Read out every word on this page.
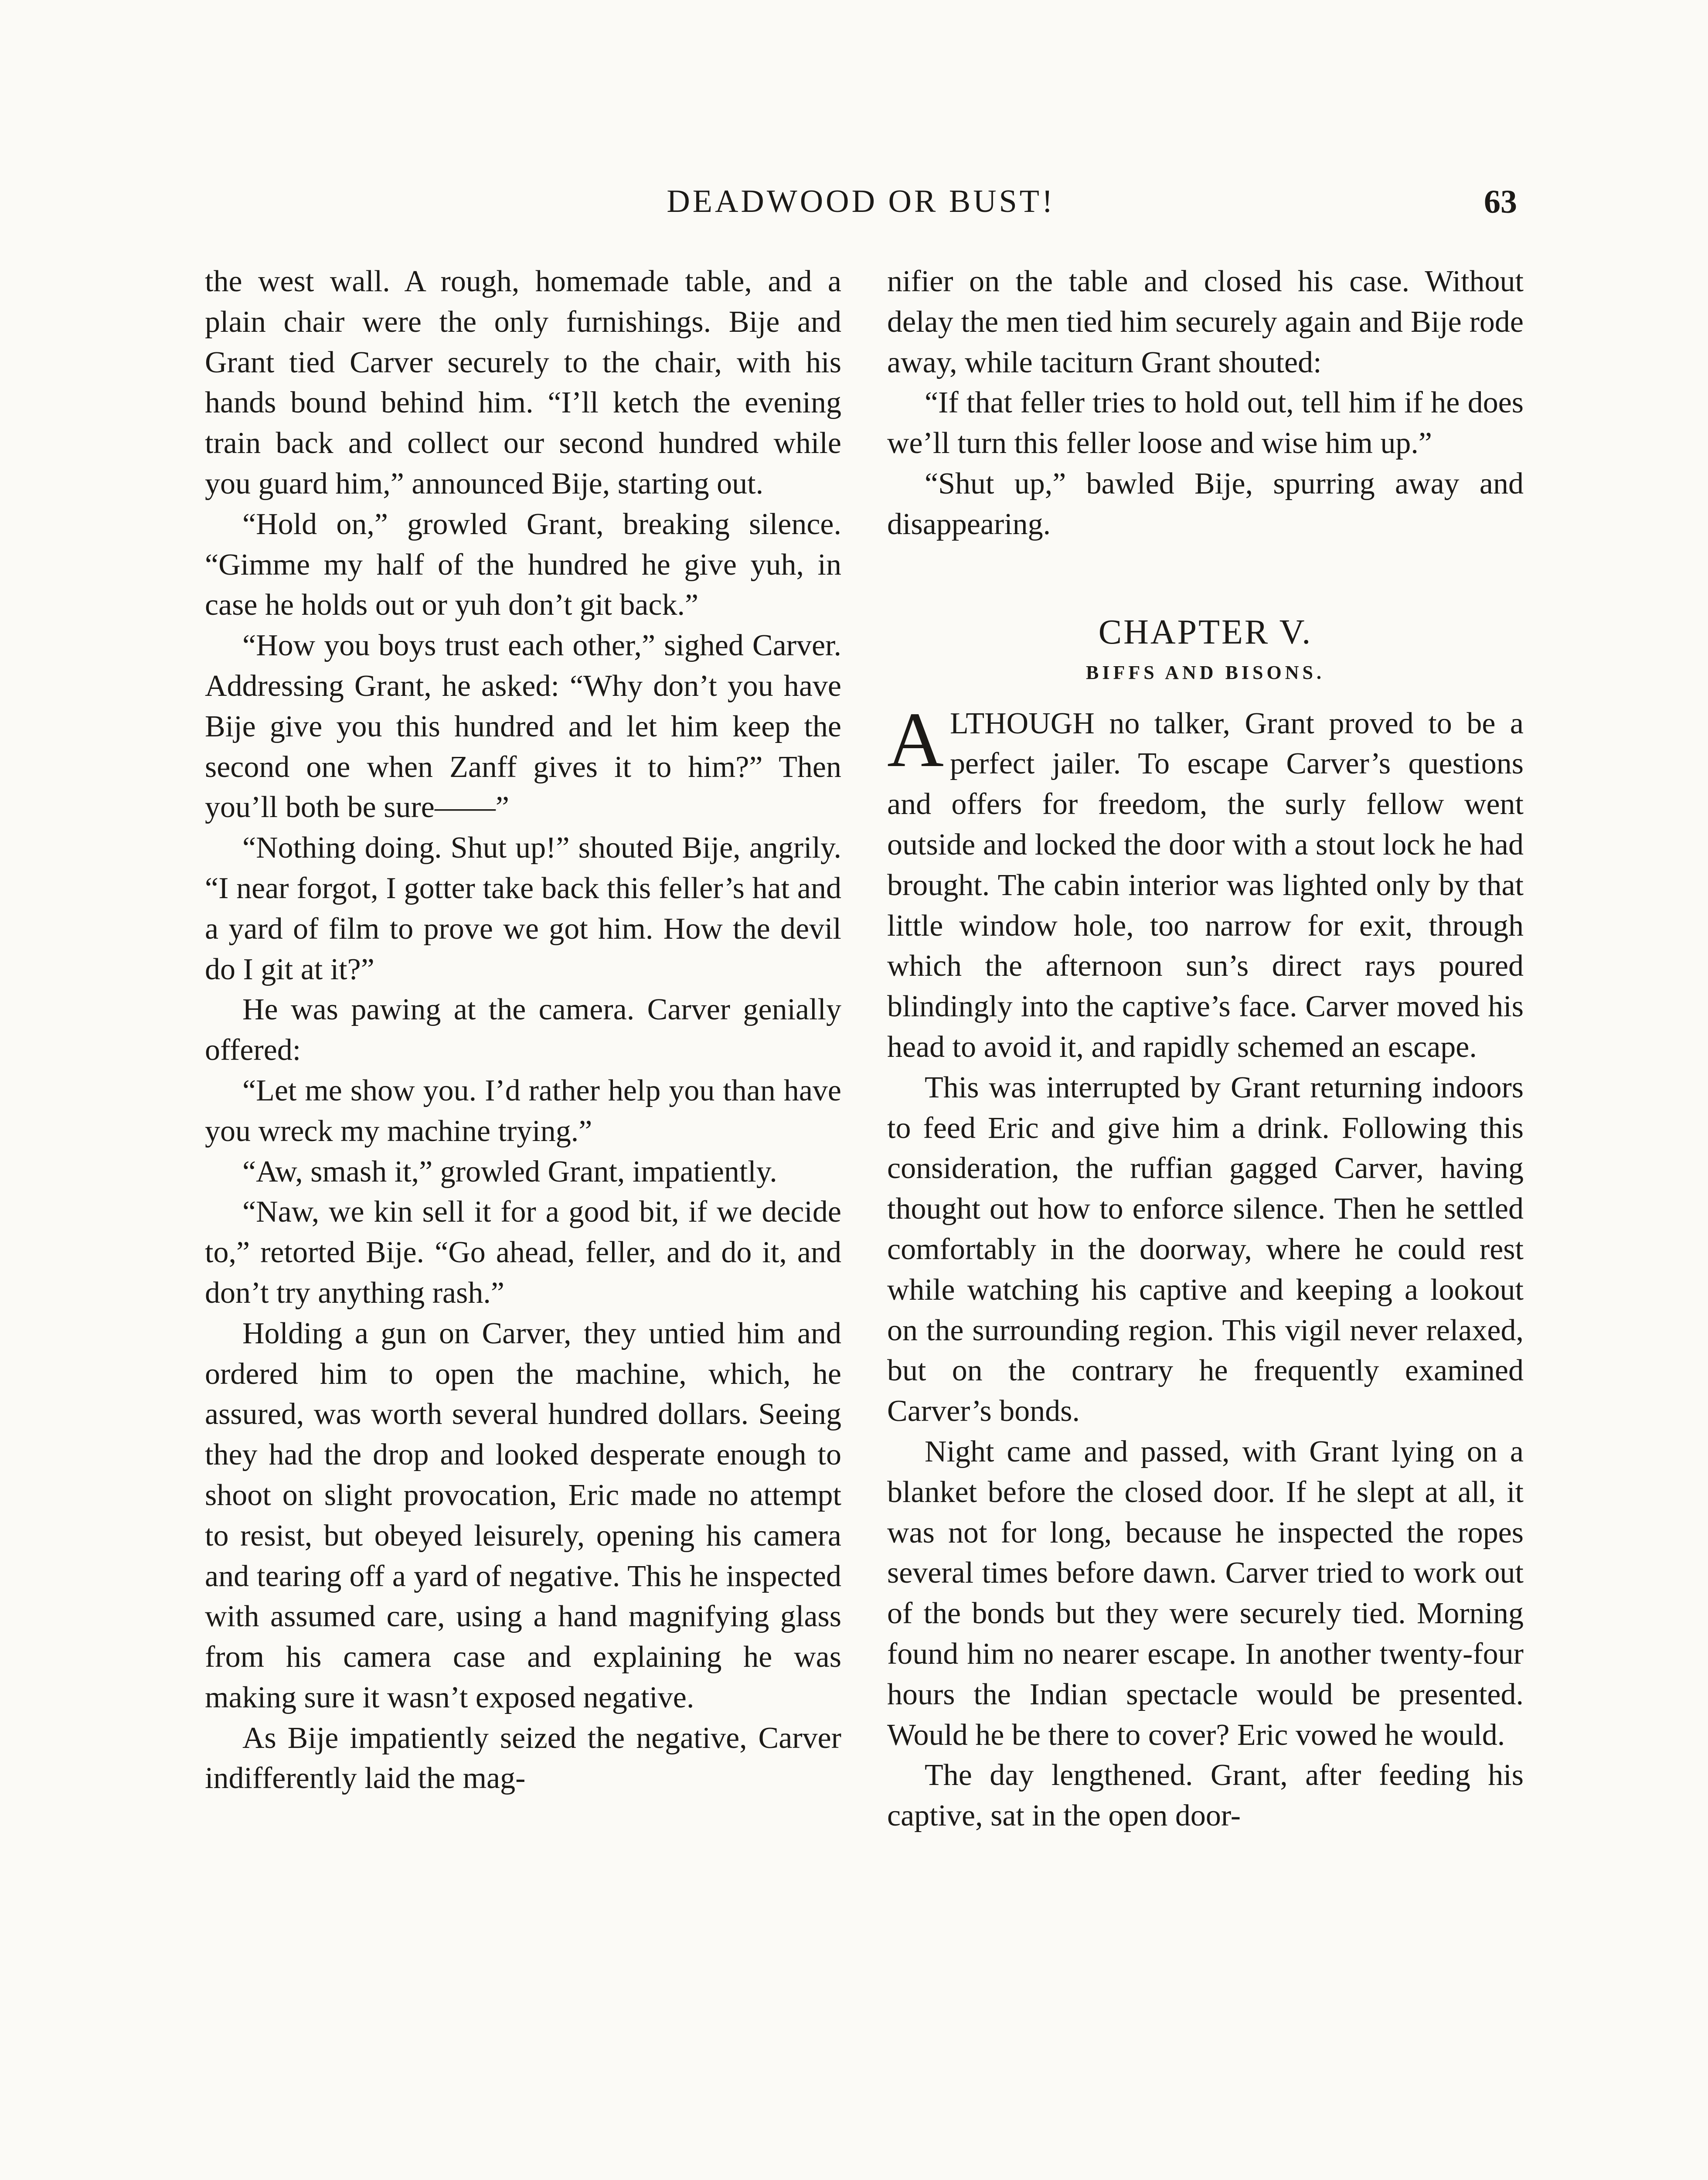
DEADWOOD OR BUST!	63

the west wall. A rough, homemade table, and a plain chair were the only furnishings. Bije and Grant tied Carver securely to the chair, with his hands bound behind him. “I’ll ketch the evening train back and collect our second hundred while you guard him,” announced Bije, starting out.

“Hold on,” growled Grant, breaking silence. “Gimme my half of the hundred he give yuh, in case he holds out or yuh don’t git back.”

“How you boys trust each other,” sighed Carver. Addressing Grant, he asked: “Why don’t you have Bije give you this hundred and let him keep the second one when Zanff gives it to him?” Then you’ll both be sure——”

“Nothing doing. Shut up!” shouted Bije, angrily. “I near forgot, I gotter take back this feller’s hat and a yard of film to prove we got him. How the devil do I git at it?”

He was pawing at the camera. Carver genially offered:

“Let me show you. I’d rather help you than have you wreck my machine trying.”

“Aw, smash it,” growled Grant, impatiently.

“Naw, we kin sell it for a good bit, if we decide to,” retorted Bije. “Go ahead, feller, and do it, and don’t try anything rash.”

Holding a gun on Carver, they untied him and ordered him to open the machine, which, he assured, was worth several hundred dollars. Seeing they had the drop and looked desperate enough to shoot on slight provocation, Eric made no attempt to resist, but obeyed leisurely, opening his camera and tearing off a yard of negative. This he inspected with assumed care, using a hand magnifying glass from his camera case and explaining he was making sure it wasn’t exposed negative.

As Bije impatiently seized the negative, Carver indifferently laid the mag-

nifier on the table and closed his case. Without delay the men tied him securely again and Bije rode away, while taciturn Grant shouted:

“If that feller tries to hold out, tell him if he does we’ll turn this feller loose and wise him up.”

“Shut up,” bawled Bije, spurring away and disappearing.

CHAPTER V.
BIFFS AND BISONS.

ALTHOUGH no talker, Grant proved to be a perfect jailer. To escape Carver’s questions and offers for freedom, the surly fellow went outside and locked the door with a stout lock he had brought. The cabin interior was lighted only by that little window hole, too narrow for exit, through which the afternoon sun’s direct rays poured blindingly into the captive’s face. Carver moved his head to avoid it, and rapidly schemed an escape.

This was interrupted by Grant returning indoors to feed Eric and give him a drink. Following this consideration, the ruffian gagged Carver, having thought out how to enforce silence. Then he settled comfortably in the doorway, where he could rest while watching his captive and keeping a lookout on the surrounding region. This vigil never relaxed, but on the contrary he frequently examined Carver’s bonds.

Night came and passed, with Grant lying on a blanket before the closed door. If he slept at all, it was not for long, because he inspected the ropes several times before dawn. Carver tried to work out of the bonds but they were securely tied. Morning found him no nearer escape. In another twenty-four hours the Indian spectacle would be presented. Would he be there to cover? Eric vowed he would.

The day lengthened. Grant, after feeding his captive, sat in the open door-
